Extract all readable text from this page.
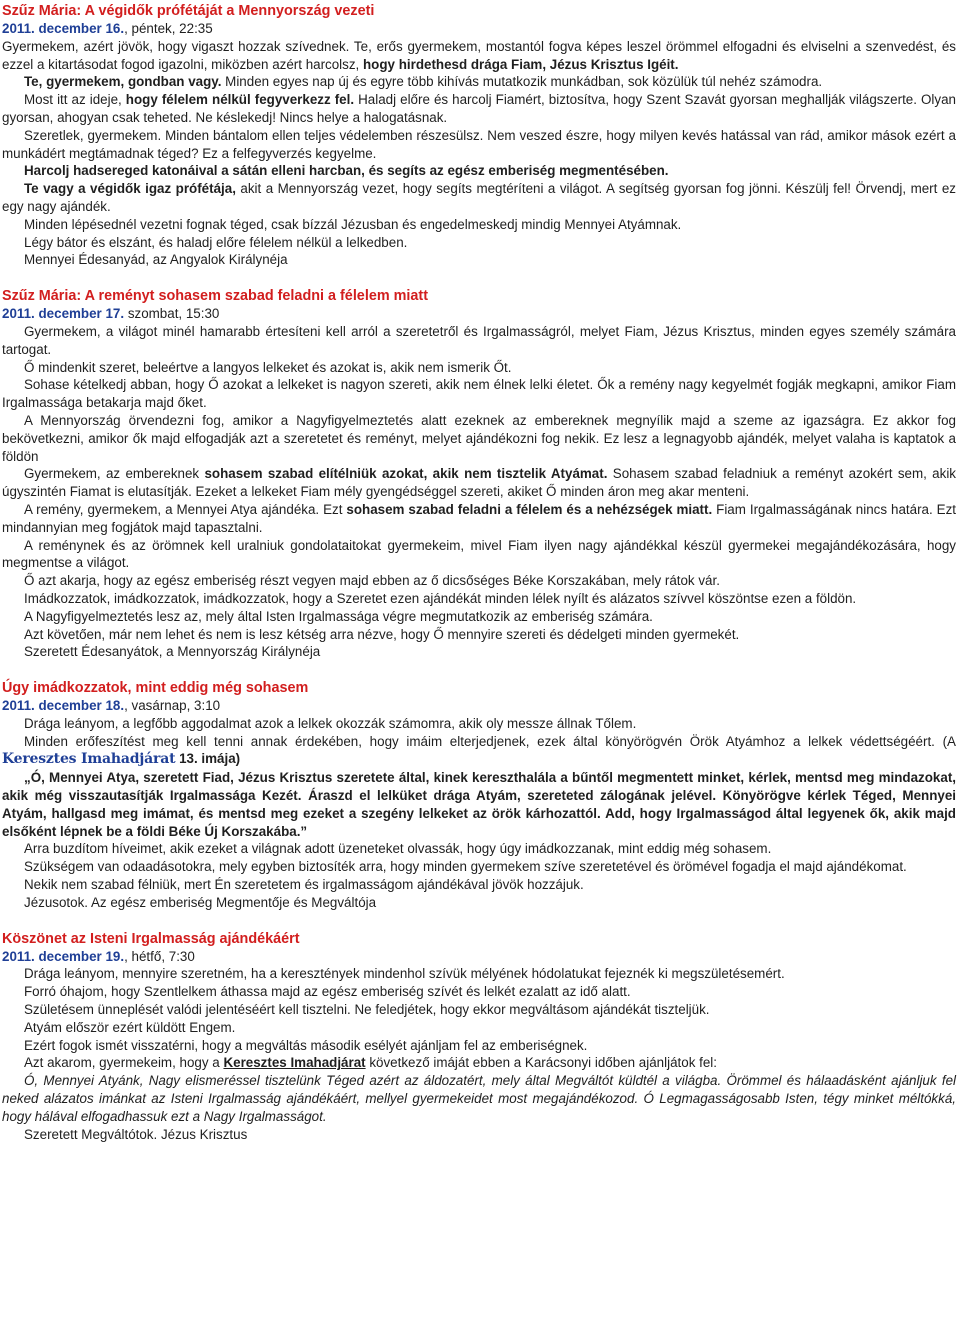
Szűz Mária: A végidők prófétáját a Mennyország vezeti
2011. december 16., péntek, 22:35

Gyermekem, azért jövök, hogy vigaszt hozzak szívednek. Te, erős gyermekem, mostantól fogva képes leszel örömmel elfogadni és elviselni a szenvedést, és ezzel a kitartásodat fogod igazolni, miközben azért harcolsz, hogy hirdethesd drága Fiam, Jézus Krisztus Igéit.

Te, gyermekem, gondban vagy. Minden egyes nap új és egyre több kihívás mutatkozik munkádban, sok közülük túl nehéz számodra.

Most itt az ideje, hogy félelem nélkül fegyverkezz fel. Haladj előre és harcolj Fiamért, biztosítva, hogy Szent Szavát gyorsan meghallják világszerte. Olyan gyorsan, ahogyan csak teheted. Ne késlekedj! Nincs helye a halogatásnak.

Szeretlek, gyermekem. Minden bántalom ellen teljes védelemben részesülsz. Nem veszed észre, hogy milyen kevés hatással van rád, amikor mások ezért a munkádért megtámadnak téged? Ez a felfegyverzés kegyelme.

Harcolj hadsereged katonáival a sátán elleni harcban, és segíts az egész emberiség megmentésében.

Te vagy a végidők igaz prófétája, akit a Mennyország vezet, hogy segíts megtéríteni a világot. A segítség gyorsan fog jönni. Készülj fel! Örvendj, mert ez egy nagy ajándék.

Minden lépésednél vezetni fognak téged, csak bízzál Jézusban és engedelmeskedj mindig Mennyei Atyámnak.

Légy bátor és elszánt, és haladj előre félelem nélkül a lelkedben.

Mennyei Édesanyád, az Angyalok Királynéja

Szűz Mária: A reményt sohasem szabad feladni a félelem miatt
2011. december 17. szombat, 15:30

Gyermekem, a világot minél hamarabb értesíteni kell arról a szeretetről és Irgalmasságról, melyet Fiam, Jézus Krisztus, minden egyes személy számára tartogat.

Ő mindenkit szeret, beleértve a langyos lelkeket és azokat is, akik nem ismerik Őt.

Sohase kételkedj abban, hogy Ő azokat a lelkeket is nagyon szereti, akik nem élnek lelki életet. Ők a remény nagy kegyelmét fogják megkapni, amikor Fiam Irgalmassága betakarja majd őket.

A Mennyország örvendezni fog, amikor a Nagyfigyelmeztetés alatt ezeknek az embereknek megnyílik majd a szeme az igazságra. Ez akkor fog bekövetkezni, amikor ők majd elfogadják azt a szeretetet és reményt, melyet ajándékozni fog nekik. Ez lesz a legnagyobb ajándék, melyet valaha is kaptatok a földön

Gyermekem, az embereknek sohasem szabad elítélniük azokat, akik nem tisztelik Atyámat. Sohasem szabad feladniuk a reményt azokért sem, akik úgyszintén Fiamat is elutasítják. Ezeket a lelkeket Fiam mély gyengédséggel szereti, akiket Ő minden áron meg akar menteni.

A remény, gyermekem, a Mennyei Atya ajándéka. Ezt sohasem szabad feladni a félelem és a nehézségek miatt. Fiam Irgalmasságának nincs határa. Ezt mindannyian meg fogjátok majd tapasztalni.

A reménynek és az örömnek kell uralniuk gondolataitokat gyermekeim, mivel Fiam ilyen nagy ajándékkal készül gyermekei megajándékozására, hogy megmentse a világot.

Ő azt akarja, hogy az egész emberiség részt vegyen majd ebben az ő dicsőséges Béke Korszakában, mely rátok vár.

Imádkozzatok, imádkozzatok, imádkozzatok, hogy a Szeretet ezen ajándékát minden lélek nyílt és alázatos szívvel köszöntse ezen a földön.

A Nagyfigyelmeztetés lesz az, mely által Isten Irgalmassága végre megmutatkozik az emberiség számára.

Azt követően, már nem lehet és nem is lesz kétség arra nézve, hogy Ő mennyire szereti és dédelgeti minden gyermekét.

Szeretett Édesanyátok, a Mennyország Királynéja

Úgy imádkozzatok, mint eddig még sohasem
2011. december 18., vasárnap, 3:10

Drága leányom, a legfőbb aggodalmat azok a lelkek okozzák számomra, akik oly messze állnak Tőlem.

Minden erőfeszítést meg kell tenni annak érdekében, hogy imáim elterjedjenek, ezek által könyörögvén Örök Atyámhoz a lelkek védettségéért. (A Keresztes Imahadjárat 13. imája)

„Ó, Mennyei Atya, szeretett Fiad, Jézus Krisztus szeretete által, kinek kereszthalála a bűntől megmentett minket, kérlek, mentsd meg mindazokat, akik még visszautasítják Irgalmassága Kezét. Áraszd el lelküket drága Atyám, szereteted zálogának jelével. Könyörögve kérlek Téged, Mennyei Atyám, hallgasd meg imámat, és mentsd meg ezeket a szegény lelkeket az örök kárhozattól. Add, hogy Irgalmasságod által legyenek ők, akik majd elsőként lépnek be a földi Béke Új Korszakába.”

Arra buzdítom híveimet, akik ezeket a világnak adott üzeneteket olvassák, hogy úgy imádkozzanak, mint eddig még sohasem.

Szükségem van odaadásotokra, mely egyben biztosíték arra, hogy minden gyermekem szíve szeretetével és örömével fogadja el majd ajándékomat.

Nekik nem szabad félniük, mert Én szeretetem és irgalmasságom ajándékával jövök hozzájuk.

Jézusotok. Az egész emberiség Megmentője és Megváltója

Köszönet az Isteni Irgalmasság ajándékáért
2011. december 19., hétfő, 7:30

Drága leányom, mennyire szeretném, ha a keresztények mindenhol szívük mélyének hódolatukat fejeznék ki megszületésemért.

Forró óhajom, hogy Szentlelkem áthassa majd az egész emberiség szívét és lelkét ezalatt az idő alatt.

Születésem ünneplését valódi jelentéséért kell tisztelni. Ne feledjétek, hogy ekkor megváltásom ajándékát tiszteljük.

Atyám először ezért küldött Engem.

Ezért fogok ismét visszatérni, hogy a megváltás második esélyét ajánljam fel az emberiségnek.

Azt akarom, gyermekeim, hogy a Keresztes Imahadjárat következő imáját ebben a Karácsonyi időben ajánljátok fel:

Ó, Mennyei Atyánk, Nagy elismeréssel tisztelünk Téged azért az áldozatért, mely által Megváltót küldtél a világba. Örömmel és hálaadásként ajánljuk fel neked alázatos imánkat az Isteni Irgalmasság ajándékáért, mellyel gyermekeidet most megajándékozod. Ó Legmagasságosabb Isten, tégy minket méltókká, hogy hálával elfogadhassuk ezt a Nagy Irgalmasságot.

Szeretett Megváltótok. Jézus Krisztus
